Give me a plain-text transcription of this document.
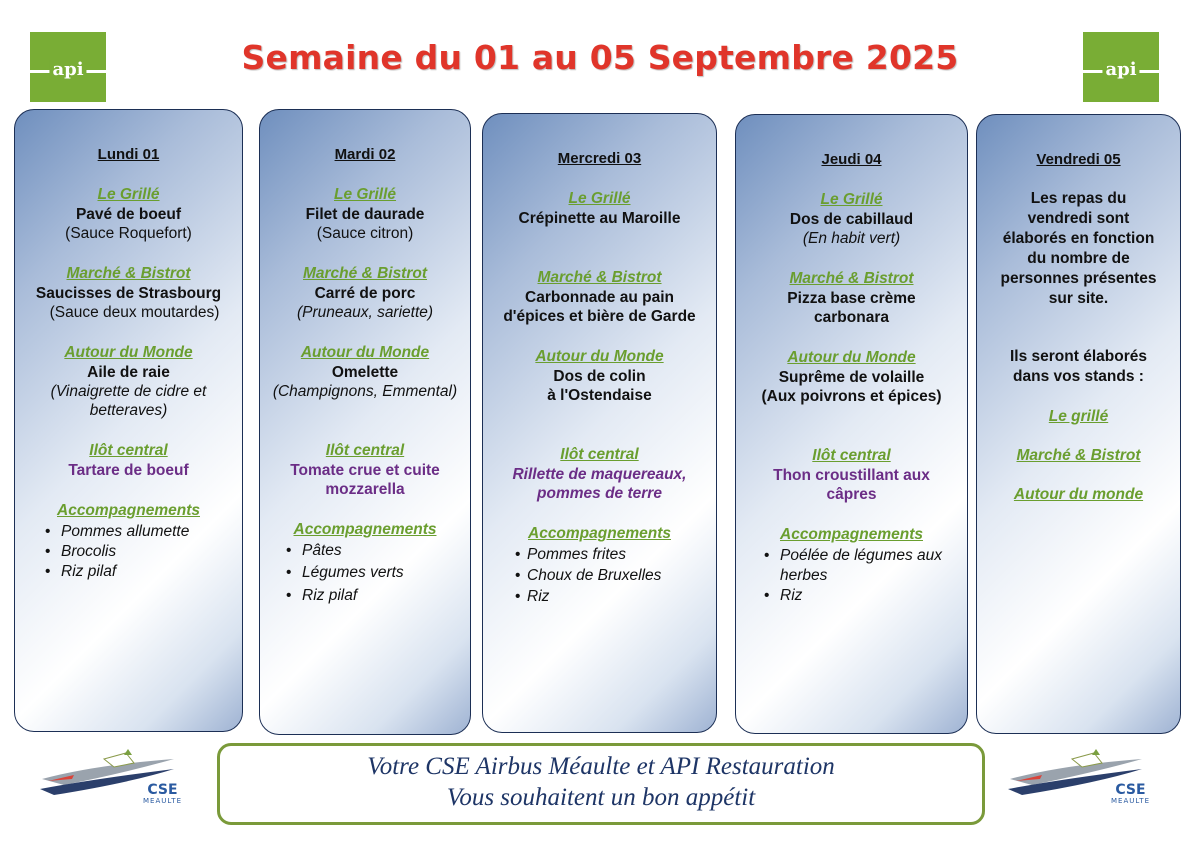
api	Semaine du 01 au 05 Septembre 2025	api
Lundi 01
Le Grillé
Pavé de boeuf
(Sauce Roquefort)
Marché & Bistrot
Saucisses de Strasbourg
(Sauce deux moutardes)
Autour du Monde
Aile de raie
(Vinaigrette de cidre et
betteraves)
Ilôt central
Tartare de boeuf
Accompagnements
• Pommes allumette
• Brocolis
• Riz pilaf
Mardi 02
Le Grillé
Filet de daurade
(Sauce citron)
Marché & Bistrot
Carré de porc
(Pruneaux, sariette)
Autour du Monde
Omelette
(Champignons, Emmental)
Ilôt central
Tomate crue et cuite
mozzarella
Accompagnements
• Pâtes
• Légumes verts
• Riz pilaf
Mercredi 03
Le Grillé
Crépinette au Maroille
Marché & Bistrot
Carbonnade au pain
d'épices et bière de Garde
Autour du Monde
Dos de colin
à l'Ostendaise
Ilôt central
Rillette de maquereaux,
pommes de terre
Accompagnements
• Pommes frites
• Choux de Bruxelles
• Riz
Jeudi 04
Le Grillé
Dos de cabillaud
(En habit vert)
Marché & Bistrot
Pizza base crème
carbonara
Autour du Monde
Suprême de volaille
(Aux poivrons et épices)
Ilôt central
Thon croustillant aux
câpres
Accompagnements
• Poélée de légumes aux herbes
• Riz
Vendredi 05
Les repas du
vendredi sont
élaborés en fonction
du nombre de
personnes présentes
sur site.
Ils seront élaborés
dans vos stands :
Le grillé
Marché & Bistrot
Autour du monde
CSE
MEAULTE
Votre CSE Airbus Méaulte et API Restauration
Vous souhaitent un bon appétit	CSE
MEAULTE
